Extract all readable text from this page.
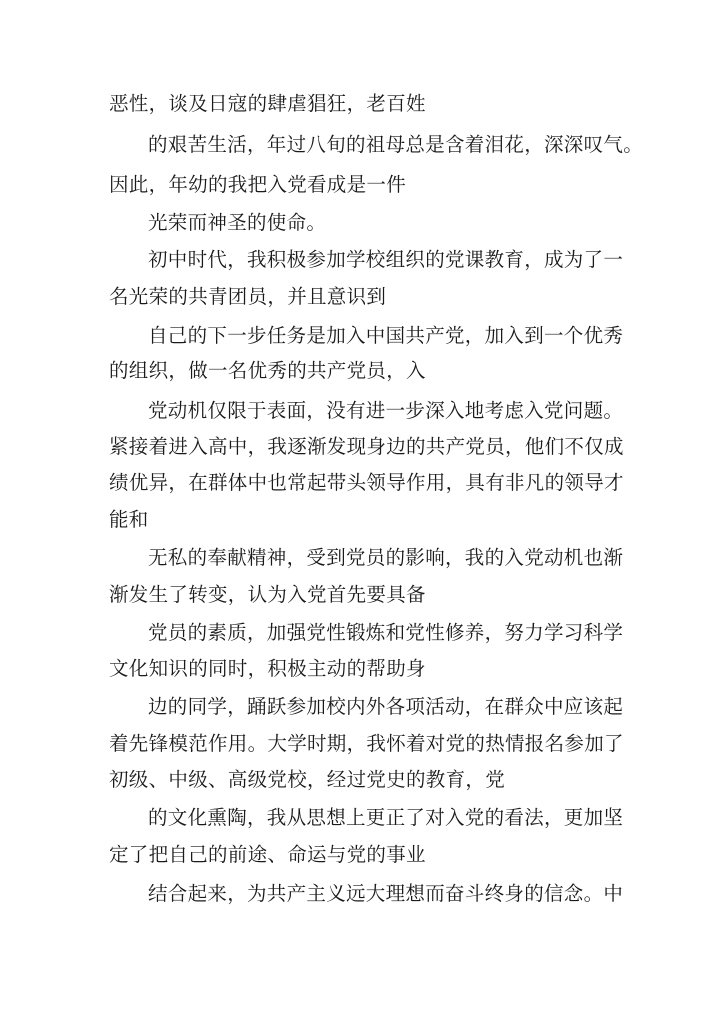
恶性，谈及日寇的肆虐猖狂，老百姓
的艰苦生活，年过八旬的祖母总是含着泪花，深深叹气。
因此，年幼的我把入党看成是一件
光荣而神圣的使命。
初中时代，我积极参加学校组织的党课教育，成为了一
名光荣的共青团员，并且意识到
自己的下一步任务是加入中国共产党，加入到一个优秀
的组织，做一名优秀的共产党员，入
党动机仅限于表面，没有进一步深入地考虑入党问题。
紧接着进入高中，我逐渐发现身边的共产党员，他们不仅成
绩优异，在群体中也常起带头领导作用，具有非凡的领导才
能和
无私的奉献精神，受到党员的影响，我的入党动机也渐
渐发生了转变，认为入党首先要具备
党员的素质，加强党性锻炼和党性修养，努力学习科学
文化知识的同时，积极主动的帮助身
边的同学，踊跃参加校内外各项活动，在群众中应该起
着先锋模范作用。大学时期，我怀着对党的热情报名参加了
初级、中级、高级党校，经过党史的教育，党
的文化熏陶，我从思想上更正了对入党的看法，更加坚
定了把自己的前途、命运与党的事业
结合起来，为共产主义远大理想而奋斗终身的信念。中
